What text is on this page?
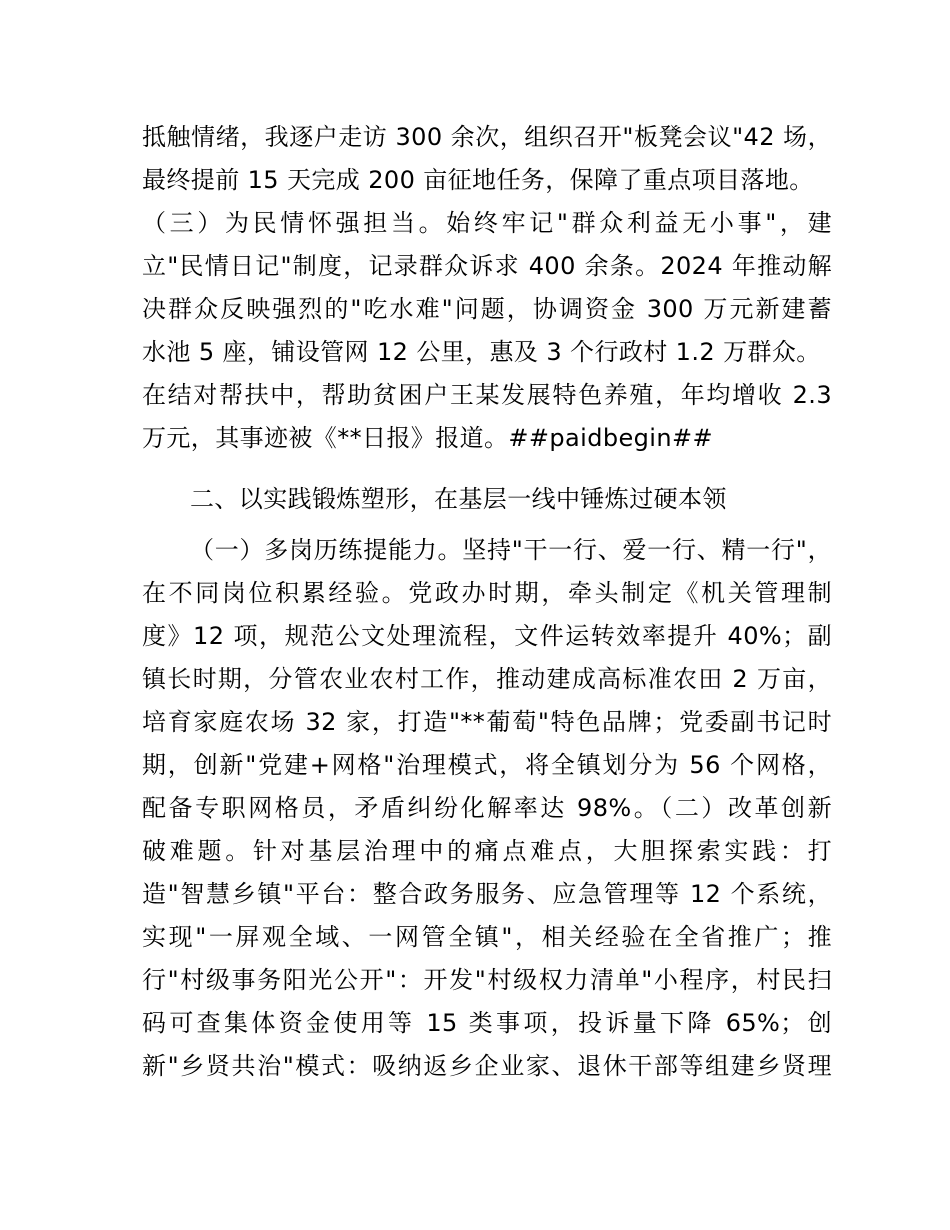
抵触情绪，我逐户走访 300 余次，组织召开"板凳会议"42 场，
最终提前 15 天完成 200 亩征地任务，保障了重点项目落地。
（三）为民情怀强担当。始终牢记"群众利益无小事"，建
立"民情日记"制度，记录群众诉求 400 余条。2024 年推动解
决群众反映强烈的"吃水难"问题，协调资金 300 万元新建蓄
水池 5 座，铺设管网 12 公里，惠及 3 个行政村 1.2 万群众。
在结对帮扶中，帮助贫困户王某发展特色养殖，年均增收 2.3
万元，其事迹被《**日报》报道。##paidbegin##
二、以实践锻炼塑形，在基层一线中锤炼过硬本领
（一）多岗历练提能力。坚持"干一行、爱一行、精一行"，
在不同岗位积累经验。党政办时期，牵头制定《机关管理制
度》12 项，规范公文处理流程，文件运转效率提升 40%；副
镇长时期，分管农业农村工作，推动建成高标准农田 2 万亩，
培育家庭农场 32 家，打造"**葡萄"特色品牌；党委副书记时
期，创新"党建+网格"治理模式，将全镇划分为 56 个网格，
配备专职网格员，矛盾纠纷化解率达 98%。（二）改革创新
破难题。针对基层治理中的痛点难点，大胆探索实践：打
造"智慧乡镇"平台：整合政务服务、应急管理等 12 个系统，
实现"一屏观全域、一网管全镇"，相关经验在全省推广；推
行"村级事务阳光公开"：开发"村级权力清单"小程序，村民扫
码可查集体资金使用等 15 类事项，投诉量下降 65%；创
新"乡贤共治"模式：吸纳返乡企业家、退休干部等组建乡贤理
